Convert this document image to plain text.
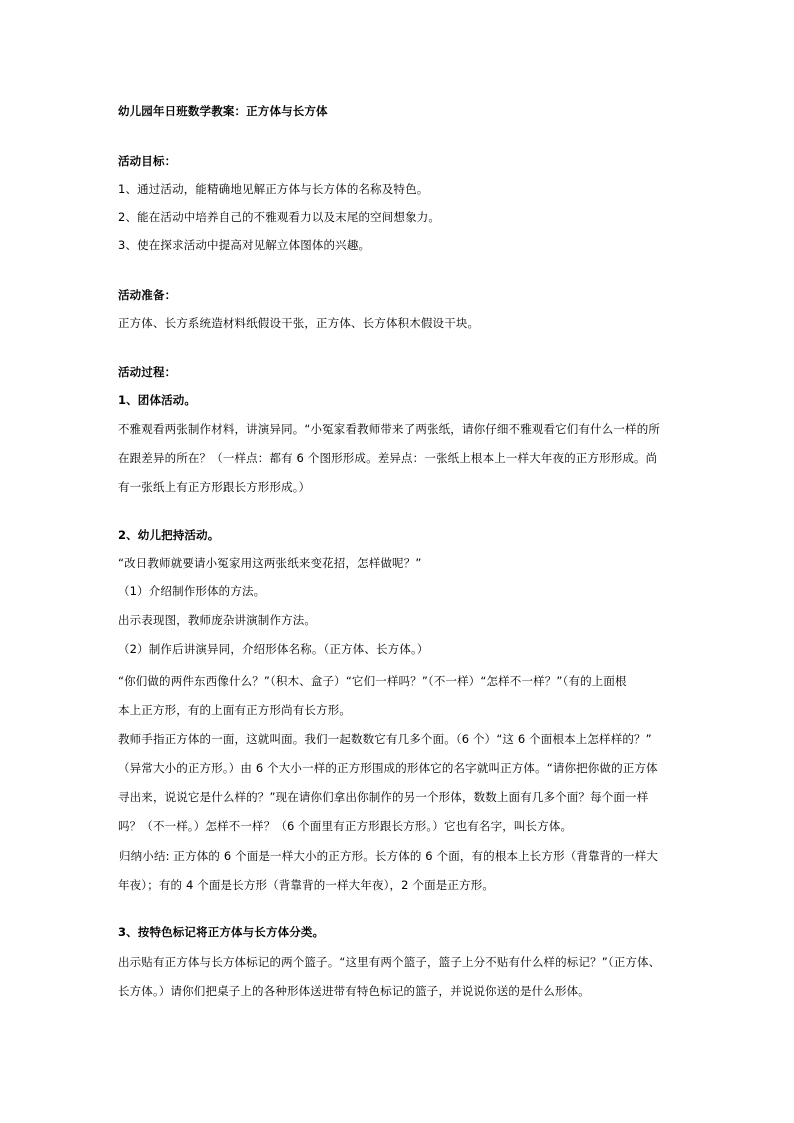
幼儿园年日班数学教案：正方体与长方体
活动目标：
1、通过活动，能精确地见解正方体与长方体的名称及特色。
2、能在活动中培养自己的不雅观看力以及末尾的空间想象力。
3、使在探求活动中提高对见解立体图体的兴趣。
活动准备：
正方体、长方系统造材料纸假设干张，正方体、长方体积木假设干块。
活动过程：
1、团体活动。
不雅观看两张制作材料，讲演异同。“小冤家看教师带来了两张纸，请你仔细不雅观看它们有什么一样的所
在跟差异的所在？（一样点：都有 6 个图形形成。差异点：一张纸上根本上一样大年夜的正方形形成。尚
有一张纸上有正方形跟长方形形成。）
2、幼儿把持活动。
“改日教师就要请小冤家用这两张纸来变花招，怎样做呢？”
（1）介绍制作形体的方法。
出示表现图，教师庞杂讲演制作方法。
（2）制作后讲演异同，介绍形体名称。（正方体、长方体。）
“你们做的两件东西像什么？”（积木、盒子）“它们一样吗？”（不一样）“怎样不一样？”（有的上面根
本上正方形，有的上面有正方形尚有长方形。
教师手指正方体的一面，这就叫面。我们一起数数它有几多个面。（6 个）“这 6 个面根本上怎样样的？”
（异常大小的正方形。）由 6 个大小一样的正方形围成的形体它的名字就叫正方体。“请你把你做的正方体
寻出来，说说它是什么样的？”现在请你们拿出你制作的另一个形体，数数上面有几多个面？每个面一样
吗？（不一样。）怎样不一样？（6 个面里有正方形跟长方形。）它也有名字，叫长方体。
归纳小结: 正方体的 6 个面是一样大小的正方形。长方体的 6 个面，有的根本上长方形（背靠背的一样大
年夜）；有的 4 个面是长方形（背靠背的一样大年夜），2 个面是正方形。
3、按特色标记将正方体与长方体分类。
出示贴有正方体与长方体标记的两个篮子。“这里有两个篮子，篮子上分不贴有什么样的标记？”（正方体、
长方体。）请你们把桌子上的各种形体送进带有特色标记的篮子，并说说你送的是什么形体。
